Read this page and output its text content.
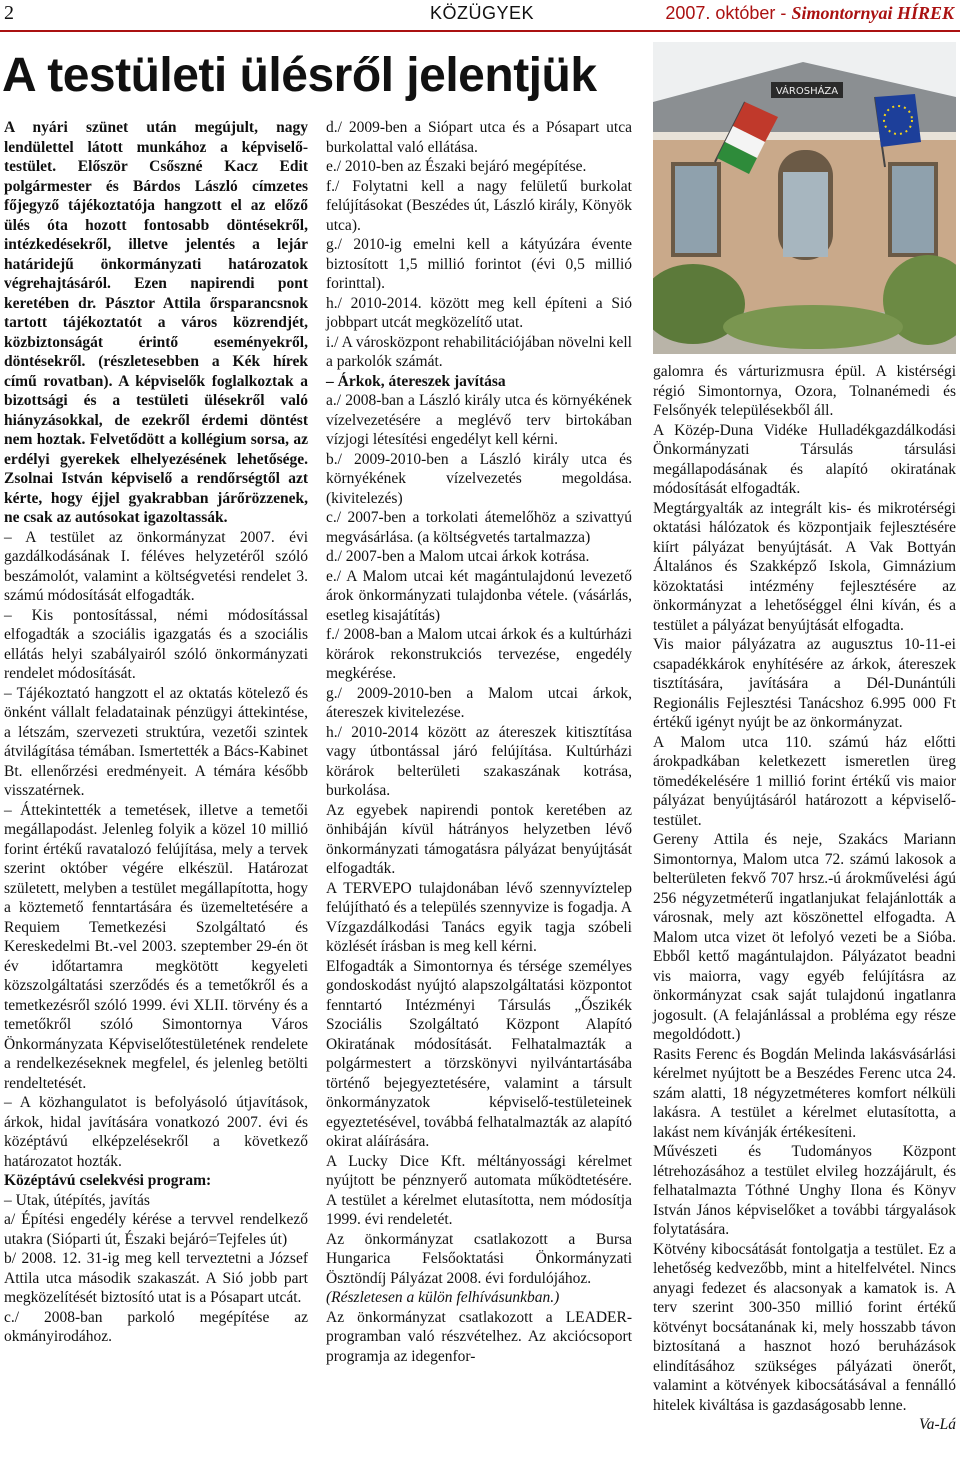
2	KÖZÜGYEK	2007. október - Simontornyai HÍREK
A testületi ülésről jelentjük	VÁROSHÁZA

A nyári szünet után megújult, nagy lendülettel látott munkához a képviselő-testület. Először Csőszné Kacz Edit polgármester és Bárdos László címzetes főjegyző tájékoztatója hangzott el az előző ülés óta hozott fontosabb döntésekről, intézkedésekről, illetve jelentés a lejár határidejű önkormányzati határozatok végrehajtásáról. Ezen napirendi pont keretében dr. Pásztor Attila őrsparancsnok tartott tájékoztatót a város közrendjét, közbiztonságát érintő eseményekről, döntésekről. (részletesebben a Kék hírek című rovatban). A képviselők foglalkoztak a bizottsági és a testületi ülésekről való hiányzásokkal, de ezekről érdemi döntést nem hoztak. Felvetődött a kollégium sorsa, az erdélyi gyerekek elhelyezésének lehetősége. Zsolnai István képviselő a rendőrségtől azt kérte, hogy éjjel gyakrabban járőrözzenek, ne csak az autósokat igazoltassák.

– A testület az önkormányzat 2007. évi gazdálkodásának I. féléves helyzetéről szóló beszámolót, valamint a költségvetési rendelet 3. számú módosítását elfogadták.

– Kis pontosítással, némi módosítással elfogadták a szociális igazgatás és a szociális ellátás helyi szabályairól szóló önkormányzati rendelet módosítását.

– Tájékoztató hangzott el az oktatás kötelező és önként vállalt feladatainak pénzügyi áttekintése, a létszám, szervezeti struktúra, vezetői szintek átvilágítása témában. Ismertették a Bács-Kabinet Bt. ellenőrzési eredményeit. A témára később visszatérnek.

– Áttekintették a temetések, illetve a temetői megállapodást. Jelenleg folyik a közel 10 millió forint értékű ravatalozó felújítása, mely a tervek szerint október végére elkészül. Határozat született, melyben a testület megállapította, hogy a köztemető fenntartására és üzemeltetésére a Requiem Temetkezési Szolgáltató és Kereskedelmi Bt.-vel 2003. szeptember 29-én öt év időtartamra megkötött kegyeleti közszolgáltatási szerződés és a temetőkről és a temetkezésről szóló 1999. évi XLII. törvény és a temetőkről szóló Simontornya Város Önkormányzata Képviselőtestületének rendelete a rendelkezéseknek megfelel, és jelenleg betölti rendeltetését.

– A közhangulatot is befolyásoló útjavítások, árkok, hidal javítására vonatkozó 2007. évi és középtávú elképzelésekről a következő határozatot hozták.

Középtávú cselekvési program:

– Utak, útépítés, javítás

a/ Építési engedély kérése a tervvel rendelkező utakra (Sióparti út, Északi bejáró=Tejfeles út)

b/ 2008. 12. 31-ig meg kell terveztetni a József Attila utca második szakaszát. A Sió jobb part megközelítését biztosító utat is a Pósapart utcát.

c./ 2008-ban parkoló megépítése az okmányirodához.

d./ 2009-ben a Siópart utca és a Pósapart utca burkolattal való ellátása.

e./ 2010-ben az Északi bejáró megépítése.

f./ Folytatni kell a nagy felületű burkolat felújításokat (Beszédes út, László király, Könyök utca).

g./ 2010-ig emelni kell a kátyúzára évente biztosított 1,5 millió forintot (évi 0,5 millió forinttal).

h./ 2010-2014. között meg kell építeni a Sió jobbpart utcát megközelítő utat.

i./ A városközpont rehabilitációjában növelni kell a parkolók számát.

– Árkok, átereszek javítása

a./ 2008-ban a László király utca és környékének vízelvezetésére a meglévő terv birtokában vízjogi létesítési engedélyt kell kérni.

b./ 2009-2010-ben a László király utca és környékének vízelvezetés megoldása. (kivitelezés)

c./ 2007-ben a torkolati átemelőhöz a szivattyú megvásárlása. (a költségvetés tartalmazza)

d./ 2007-ben a Malom utcai árkok kotrása.

e./ A Malom utcai két magántulajdonú levezető árok önkormányzati tulajdonba vétele. (vásárlás, esetleg kisajátítás)

f./ 2008-ban a Malom utcai árkok és a kultúrházi körárok rekonstrukciós tervezése, engedély megkérése.

g./ 2009-2010-ben a Malom utcai árkok, átereszek kivitelezése.

h./ 2010-2014 között az átereszek kitisztítása vagy útbontással járó felújítása. Kultúrházi körárok belterületi szakaszának kotrása, burkolása.

Az egyebek napirendi pontok keretében az önhibáján kívül hátrányos helyzetben lévő önkormányzati támogatásra pályázat benyújtását elfogadták.

A TERVEPO tulajdonában lévő szennyvíztelep felújítható és a település szennyvize is fogadja. A Vízgazdálkodási Tanács egyik tagja szóbeli közlését írásban is meg kell kérni.

Elfogadták a Simontornya és térsége személyes gondoskodást nyújtó alapszolgáltatási központot fenntartó Intézményi Társulás „Őszikék Szociális Szolgáltató Központ Alapító Okiratának módosítását. Felhatalmazták a polgármestert a törzskönyvi nyilvántartásába történő bejegyeztetésére, valamint a társult önkormányzatok képviselő-testületeinek egyeztetésével, továbbá felhatalmazták az alapító okirat aláírására.

A Lucky Dice Kft. méltányossági kérelmet nyújtott be pénznyerő automata működtetésére. A testület a kérelmet elutasította, nem módosítja 1999. évi rendeletét.

Az önkormányzat csatlakozott a Bursa Hungarica Felsőoktatási Önkormányzati Ösztöndíj Pályázat 2008. évi fordulójához.

(Részletesen a külön felhívásunkban.)

Az önkormányzat csatlakozott a LEADER-programban való részvételhez. Az akciócsoport programja az idegenfor-

galomra és várturizmusra épül. A kistérségi régió Simontornya, Ozora, Tolnanémedi és Felsőnyék településekből áll.

A Közép-Duna Vidéke Hulladékgazdálkodási Önkormányzati Társulás társulási megállapodásának és alapító okiratának módosítását elfogadták.

Megtárgyalták az integrált kis- és mikrotérségi oktatási hálózatok és központjaik fejlesztésére kiírt pályázat benyújtását. A Vak Bottyán Általános és Szakképző Iskola, Gimnázium közoktatási intézmény fejlesztésére az önkormányzat a lehetőséggel élni kíván, és a testület a pályázat benyújtását elfogadta.

Vis maior pályázatra az augusztus 10-11-ei csapadékkárok enyhítésére az árkok, átereszek tisztítására, javítására a Dél-Dunántúli Regionális Fejlesztési Tanácshoz 6.995 000 Ft értékű igényt nyújt be az önkormányzat.

A Malom utca 110. számú ház előtti árokpadkában keletkezett ismeretlen üreg tömedékelésére 1 millió forint értékű vis maior pályázat benyújtásáról határozott a képviselő-testület.

Gereny Attila és neje, Szakács Mariann Simontornya, Malom utca 72. számú lakosok a belterületen fekvő 707 hrsz.-ú árokművelési ágú 256 négyzetméterű ingatlanjukat felajánlották a városnak, mely azt köszönettel elfogadta. A Malom utca vizet öt lefolyó vezeti be a Sióba. Ebből kettő magántulajdon. Pályázatot beadni vis maiorra, vagy egyéb felújításra az önkormányzat csak saját tulajdonú ingatlanra jogosult. (A felajánlással a probléma egy része megoldódott.)

Rasits Ferenc és Bogdán Melinda lakásvásárlási kérelmet nyújtott be a Beszédes Ferenc utca 24. szám alatti, 18 négyzetméteres komfort nélküli lakásra. A testület a kérelmet elutasította, a lakást nem kívánják értékesíteni.

Művészeti és Tudományos Központ létrehozásához a testület elvileg hozzájárult, és felhatalmazta Tóthné Unghy Ilona és Könyv István János képviselőket a további tárgyalások folytatására.

Kötvény kibocsátását fontolgatja a testület. Ez a lehetőség kedvezőbb, mint a hitelfelvétel. Nincs anyagi fedezet és alacsonyak a kamatok is. A terv szerint 300-350 millió forint értékű kötvényt bocsátanának ki, mely hosszabb távon biztosítaná a hasznot hozó beruházások elindításához szükséges pályázati önerőt, valamint a kötvények kibocsátásával a fennálló hitelek kiváltása is gazdaságosabb lenne.

Va-Lá
